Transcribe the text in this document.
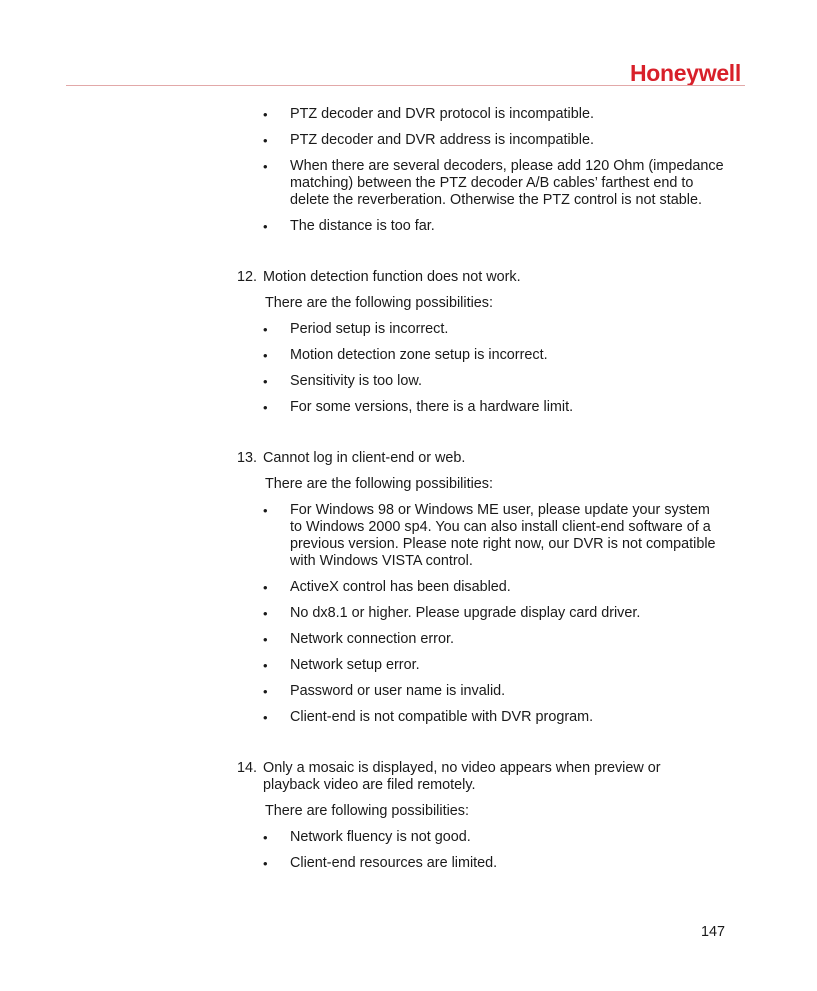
Honeywell
• PTZ decoder and DVR protocol is incompatible.
• PTZ decoder and DVR address is incompatible.
• When there are several decoders, please add 120 Ohm (impedance matching) between the PTZ decoder A/B cables’ farthest end to delete the reverberation. Otherwise the PTZ control is not stable.
• The distance is too far.
12. Motion detection function does not work.
There are the following possibilities:
• Period setup is incorrect.
• Motion detection zone setup is incorrect.
• Sensitivity is too low.
• For some versions, there is a hardware limit.
13. Cannot log in client-end or web.
There are the following possibilities:
• For Windows 98 or Windows ME user, please update your system to Windows 2000 sp4. You can also install client-end software of a previous version. Please note right now, our DVR is not compatible with Windows VISTA control.
• ActiveX control has been disabled.
• No dx8.1 or higher. Please upgrade display card driver.
• Network connection error.
• Network setup error.
• Password or user name is invalid.
• Client-end is not compatible with DVR program.
14. Only a mosaic is displayed, no video appears when preview or playback video are filed remotely.
There are following possibilities:
• Network fluency is not good.
• Client-end resources are limited.
147
